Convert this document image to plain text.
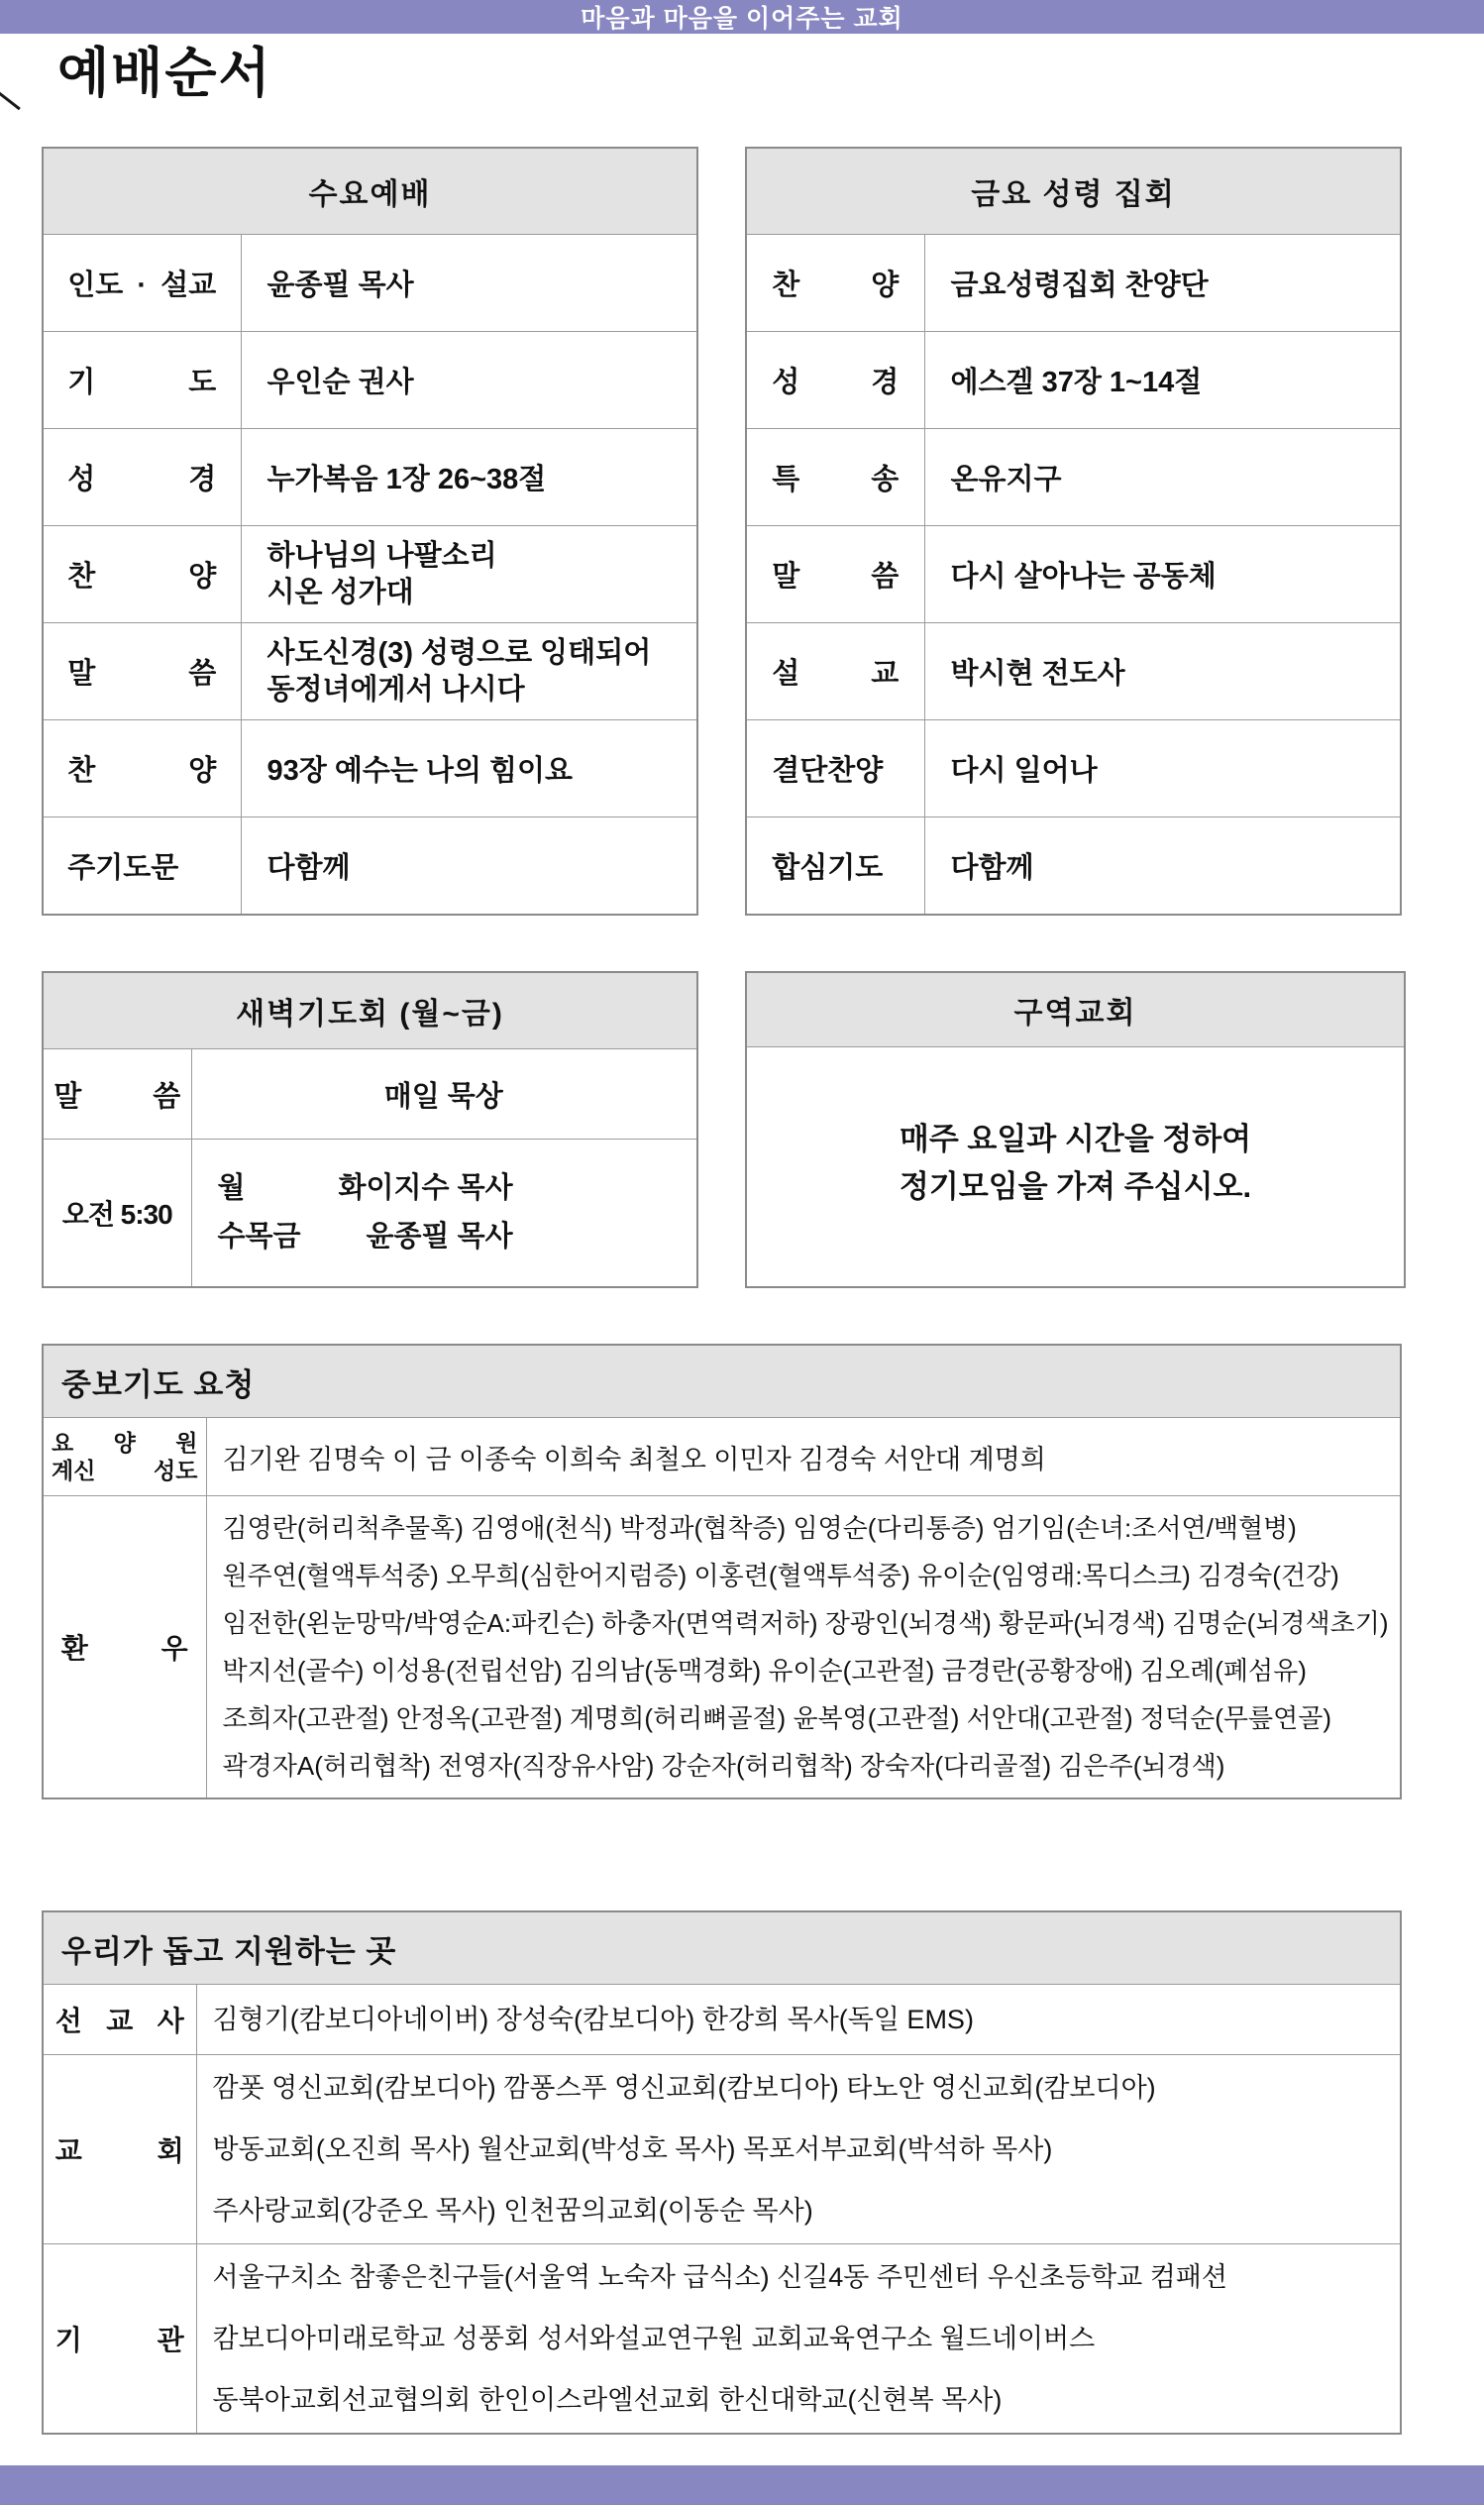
마음과 마음을 이어주는 교회
예배순서
수요예배	
인도 · 설교	윤종필 목사
기 도	우인순 권사
성 경	누가복음 1장 26~38절
찬 양	하나님의 나팔소리
시온 성가대

말 씀	사도신경(3) 성령으로 잉태되어
동정녀에게서 나시다

찬 양	93장 예수는 나의 힘이요
주기도문	다함께
금요 성령 집회	
찬 양	금요성령집회 찬양단
성 경	에스겔 37장 1~14절
특 송	온유지구
말 씀	다시 살아나는 공동체
설 교	박시현 전도사
결단찬양	다시 일어나
합심기도	다함께
새벽기도회 (월~금)	
말 씀	매일 묵상
오전 5:30	월 화 이지수 목사
수목금 윤종필 목사
구역교회
매주 요일과 시간을 정하여
정기모임을 가져 주십시오.
중보기도 요청	

요 양 원
계신 성도	김기완 김명숙 이 금 이종숙 이희숙 최철오 이민자 김경숙 서안대 계명희
환 우	
김영란(허리척추물혹) 김영애(천식) 박정과(협착증) 임영순(다리통증) 엄기임(손녀:조서연/백혈병)
원주연(혈액투석중) 오무희(심한어지럼증) 이홍련(혈액투석중) 유이순(임영래:목디스크) 김경숙(건강)
임전한(왼눈망막/박영순A:파킨슨) 하충자(면역력저하) 장광인(뇌경색) 황문파(뇌경색) 김명순(뇌경색초기)
박지선(골수) 이성용(전립선암) 김의남(동맥경화) 유이순(고관절) 금경란(공황장애) 김오례(폐섬유)
조희자(고관절) 안정옥(고관절) 계명희(허리뼈골절) 윤복영(고관절) 서안대(고관절) 정덕순(무릎연골)
곽경자A(허리협착) 전영자(직장유사암) 강순자(허리협착) 장숙자(다리골절) 김은주(뇌경색)
우리가 돕고 지원하는 곳	
선 교 사	김형기(캄보디아네이버) 장성숙(캄보디아) 한강희 목사(독일 EMS)

교 회	깜폿 영신교회(캄보디아) 깜퐁스푸 영신교회(캄보디아) 타노안 영신교회(캄보디아)
방동교회(오진희 목사) 월산교회(박성호 목사) 목포서부교회(박석하 목사)
주사랑교회(강준오 목사) 인천꿈의교회(이동순 목사)

기 관	서울구치소 참좋은친구들(서울역 노숙자 급식소) 신길4동 주민센터 우신초등학교 컴패션
캄보디아미래로학교 성풍회 성서와설교연구원 교회교육연구소 월드네이버스
동북아교회선교협의회 한인이스라엘선교회 한신대학교(신현복 목사)
